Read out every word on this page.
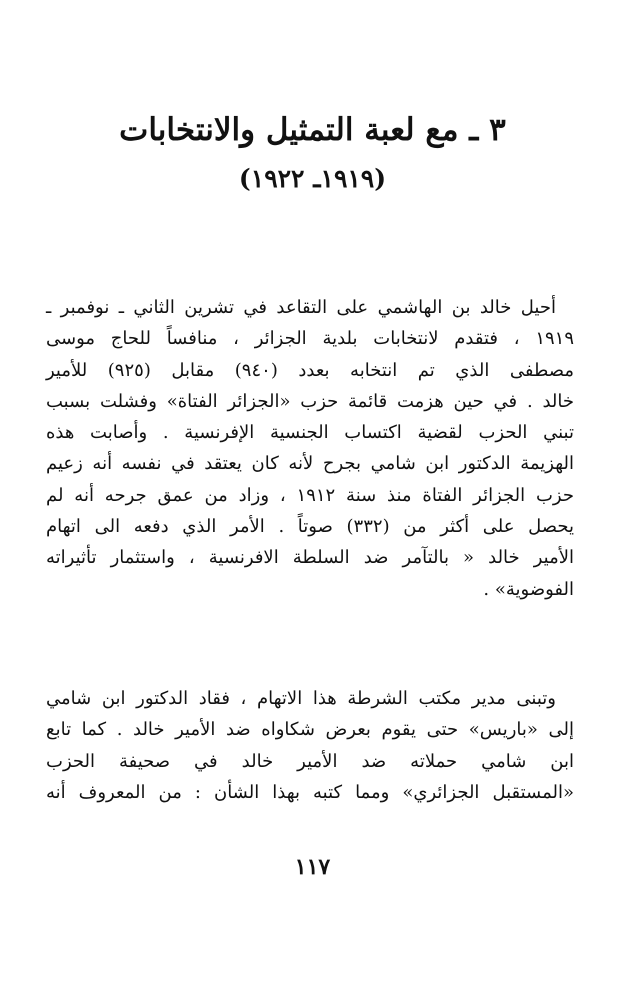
٣ ـ مع لعبة التمثيل والانتخابات
(١٩١٩ـ ١٩٢٢)
أحيل خالد بن الهاشمي على التقاعد في تشرين الثاني ـ نوفمبر ـ
١٩١٩ ، فتقدم لانتخابات بلدية الجزائر ، منافساً للحاج موسى
مصطفى الذي تم انتخابه بعدد (٩٤٠) مقابل (٩٢٥) للأمير
خالد . في حين هزمت قائمة حزب «الجزائر الفتاة» وفشلت بسبب
تبني الحزب لقضية اكتساب الجنسية الإفرنسية . وأصابت هذه
الهزيمة الدكتور ابن شامي بجرح لأنه كان يعتقد في نفسه أنه زعيم
حزب الجزائر الفتاة منذ سنة ١٩١٢ ، وزاد من عمق جرحه أنه لم
يحصل على أكثر من (٣٣٢) صوتاً . الأمر الذي دفعه الى اتهام
الأمير خالد « بالتآمر ضد السلطة الافرنسية ، واستثمار تأثيراته
الفوضوية» .
وتبنى مدير مكتب الشرطة هذا الاتهام ، فقاد الدكتور ابن شامي
إلى «باريس» حتى يقوم بعرض شكاواه ضد الأمير خالد . كما تابع
ابن شامي حملاته ضد الأمير خالد في صحيفة الحزب
«المستقبل الجزائري» ومما كتبه بهذا الشأن : من المعروف أنه
١١٧
